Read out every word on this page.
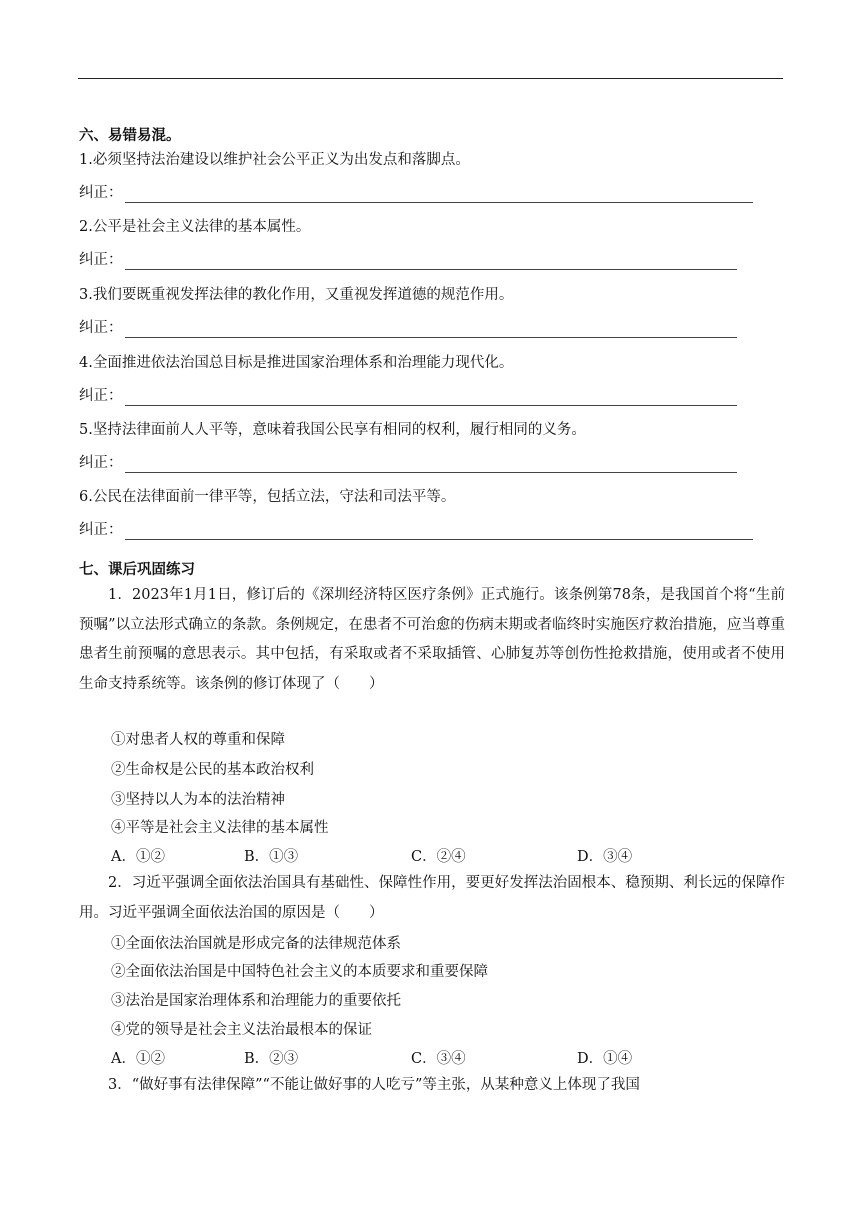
六、易错易混。
1.必须坚持法治建设以维护社会公平正义为出发点和落脚点。
纠正：
2.公平是社会主义法律的基本属性。
纠正：
3.我们要既重视发挥法律的教化作用，又重视发挥道德的规范作用。
纠正：
4.全面推进依法治国总目标是推进国家治理体系和治理能力现代化。
纠正：
5.坚持法律面前人人平等，意味着我国公民享有相同的权利，履行相同的义务。
纠正：
6.公民在法律面前一律平等，包括立法，守法和司法平等。
纠正：
七、课后巩固练习
1．2023年1月1日，修订后的《深圳经济特区医疗条例》正式施行。该条例第78条，是我国首个将“生前预嘱”以立法形式确立的条款。条例规定，在患者不可治愈的伤病末期或者临终时实施医疗救治措施，应当尊重患者生前预嘱的意思表示。其中包括，有采取或者不采取插管、心肺复苏等创伤性抢救措施，使用或者不使用生命支持系统等。该条例的修订体现了（　　）
①对患者人权的尊重和保障
②生命权是公民的基本政治权利
③坚持以人为本的法治精神
④平等是社会主义法律的基本属性
A．①②	B．①③	C．②④	D．③④
2．习近平强调全面依法治国具有基础性、保障性作用，要更好发挥法治固根本、稳预期、利长远的保障作用。习近平强调全面依法治国的原因是（　　）
①全面依法治国就是形成完备的法律规范体系
②全面依法治国是中国特色社会主义的本质要求和重要保障
③法治是国家治理体系和治理能力的重要依托
④党的领导是社会主义法治最根本的保证
A．①②	B．②③	C．③④	D．①④
3．“做好事有法律保障”“不能让做好事的人吃亏”等主张，从某种意义上体现了我国
